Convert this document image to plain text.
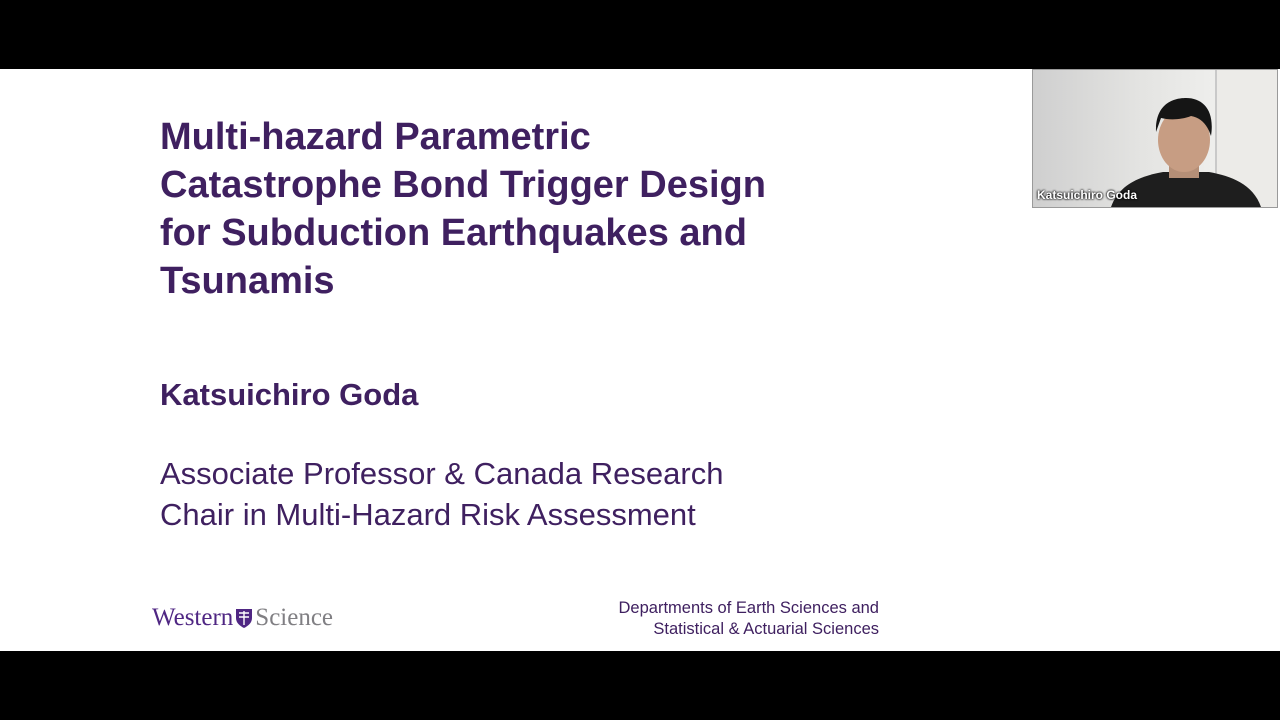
Multi-hazard Parametric
Catastrophe Bond Trigger Design
for Subduction Earthquakes and
Tsunamis
Katsuichiro Goda
Associate Professor & Canada Research
Chair in Multi-Hazard Risk Assessment
Western Science	Departments of Earth Sciences and
Statistical & Actuarial Sciences
Katsuichiro Goda
